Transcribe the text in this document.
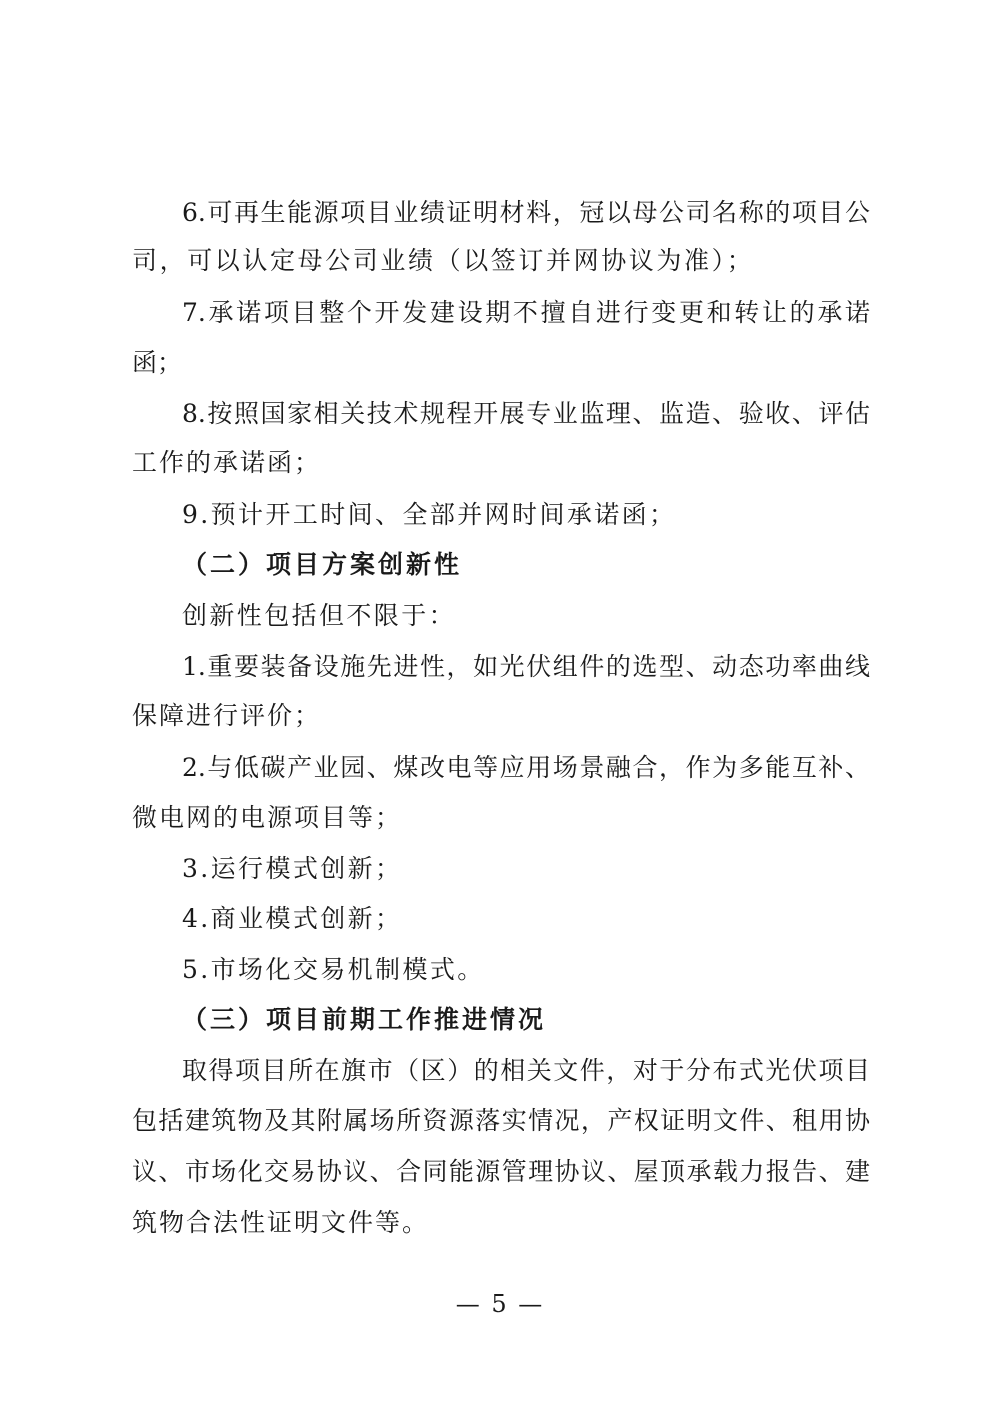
6.可再生能源项目业绩证明材料，冠以母公司名称的项目公
司，可以认定母公司业绩（以签订并网协议为准）；
7.承诺项目整个开发建设期不擅自进行变更和转让的承诺
函；
8.按照国家相关技术规程开展专业监理、监造、验收、评估
工作的承诺函；
9.预计开工时间、全部并网时间承诺函；
（二）项目方案创新性
创新性包括但不限于：
1.重要装备设施先进性，如光伏组件的选型、动态功率曲线
保障进行评价；
2.与低碳产业园、煤改电等应用场景融合，作为多能互补、
微电网的电源项目等；
3.运行模式创新；
4.商业模式创新；
5.市场化交易机制模式。
（三）项目前期工作推进情况
取得项目所在旗市（区）的相关文件，对于分布式光伏项目
包括建筑物及其附属场所资源落实情况，产权证明文件、租用协
议、市场化交易协议、合同能源管理协议、屋顶承载力报告、建
筑物合法性证明文件等。
— 5 —
